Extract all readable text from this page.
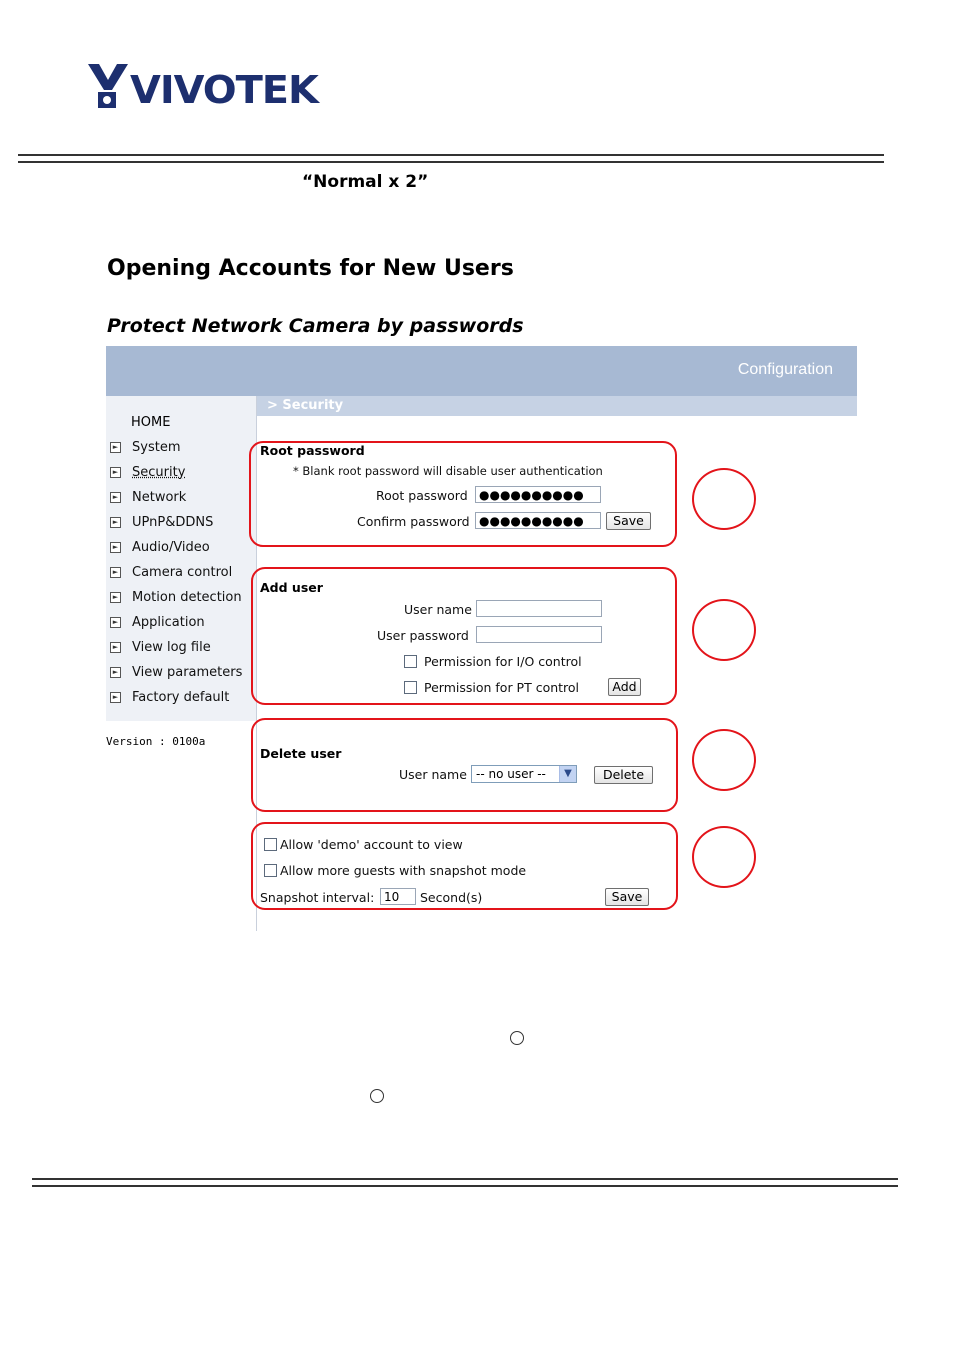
VIVOTEK
“Normal x 2”
Opening Accounts for New Users
Protect Network Camera by passwords
Configuration
> Security
HOME
► System
► Security
► Network
► UPnP&DDNS
► Audio/Video
► Camera control
► Motion detection
► Application
► View log file
► View parameters
► Factory default
Version : 0100a
Root password
* Blank root password will disable user authentication
Root password ●●●●●●●●●●
Confirm password ●●●●●●●●●●	Save
Add user
User name
User password
Permission for I/O control
Permission for PT control	Add
Delete user
User name -- no user --	▼	Delete
Allow 'demo' account to view
Allow more guests with snapshot mode
Snapshot interval: 10	Second(s)	Save
